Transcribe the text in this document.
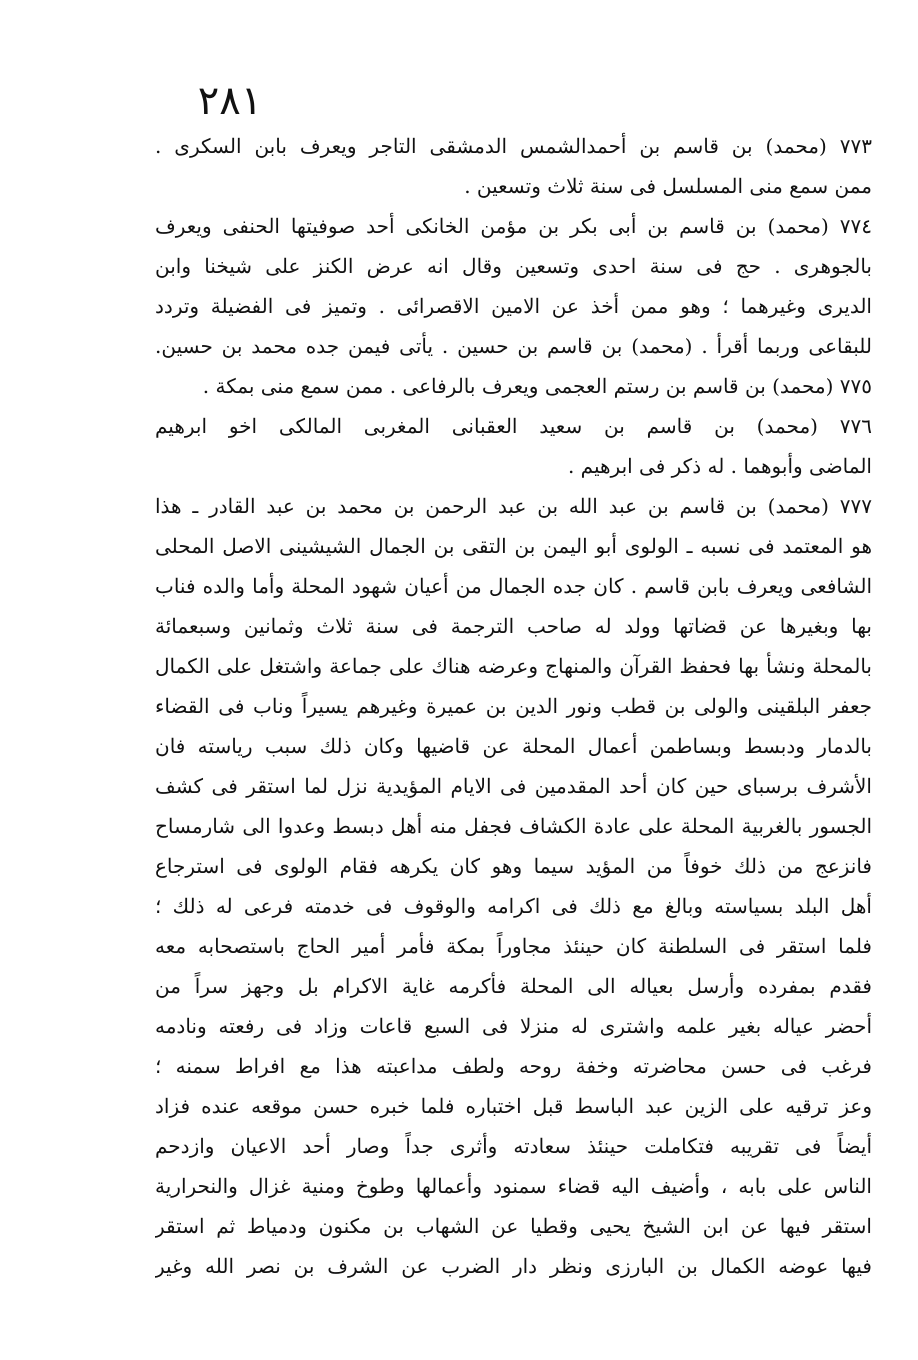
٢٨١
٧٧٣ (محمد) بن قاسم بن أحمدالشمس الدمشقى التاجر ويعرف بابن السكرى .
ممن سمع منى المسلسل فى سنة ثلاث وتسعين .
٧٧٤ (محمد) بن قاسم بن أبى بكر بن مؤمن الخانكى أحد صوفيتها الحنفى ويعرف
بالجوهرى . حج فى سنة احدى وتسعين وقال انه عرض الكنز على شيخنا وابن
الديرى وغيرهما ؛ وهو ممن أخذ عن الامين الاقصرائى . وتميز فى الفضيلة وتردد
للبقاعى وربما أقرأ . (محمد) بن قاسم بن حسين . يأتى فيمن جده محمد بن حسين.
٧٧٥ (محمد) بن قاسم بن رستم العجمى ويعرف بالرفاعى . ممن سمع منى بمكة .
٧٧٦ (محمد) بن قاسم بن سعيد العقبانى المغربى المالكى اخو ابرهيم
الماضى وأبوهما . له ذكر فى ابرهيم .
٧٧٧ (محمد) بن قاسم بن عبد الله بن عبد الرحمن بن محمد بن عبد القادر ـ هذا
هو المعتمد فى نسبه ـ الولوى أبو اليمن بن التقى بن الجمال الشيشينى الاصل المحلى
الشافعى ويعرف بابن قاسم . كان جده الجمال من أعيان شهود المحلة وأما والده فناب
بها وبغيرها عن قضاتها وولد له صاحب الترجمة فى سنة ثلاث وثمانين وسبعمائة
بالمحلة ونشأ بها فحفظ القرآن والمنهاج وعرضه هناك على جماعة واشتغل على الكمال
جعفر البلقينى والولى بن قطب ونور الدين بن عميرة وغيرهم يسيراً وناب فى القضاء
بالدمار ودبسط وبساطمن أعمال المحلة عن قاضيها وكان ذلك سبب رياسته فان
الأشرف برسباى حين كان أحد المقدمين فى الايام المؤيدية نزل لما استقر فى كشف
الجسور بالغربية المحلة على عادة الكشاف فجفل منه أهل دبسط وعدوا الى شارمساح
فانزعج من ذلك خوفاً من المؤيد سيما وهو كان يكرهه فقام الولوى فى استرجاع
أهل البلد بسياسته وبالغ مع ذلك فى اكرامه والوقوف فى خدمته فرعى له ذلك ؛
فلما استقر فى السلطنة كان حينئذ مجاوراً بمكة فأمر أمير الحاج باستصحابه معه
فقدم بمفرده وأرسل بعياله الى المحلة فأكرمه غاية الاكرام بل وجهز سراً من
أحضر عياله بغير علمه واشترى له منزلا فى السبع قاعات وزاد فى رفعته ونادمه
فرغب فى حسن محاضرته وخفة روحه ولطف مداعبته هذا مع افراط سمنه ؛
وعز ترقيه على الزين عبد الباسط قبل اختباره فلما خبره حسن موقعه عنده فزاد
أيضاً فى تقريبه فتكاملت حينئذ سعادته وأثرى جداً وصار أحد الاعيان وازدحم
الناس على بابه ، وأضيف اليه قضاء سمنود وأعمالها وطوخ ومنية غزال والنحرارية
استقر فيها عن ابن الشيخ يحيى وقطيا عن الشهاب بن مكنون ودمياط ثم استقر
فيها عوضه الكمال بن البارزى ونظر دار الضرب عن الشرف بن نصر الله وغير
